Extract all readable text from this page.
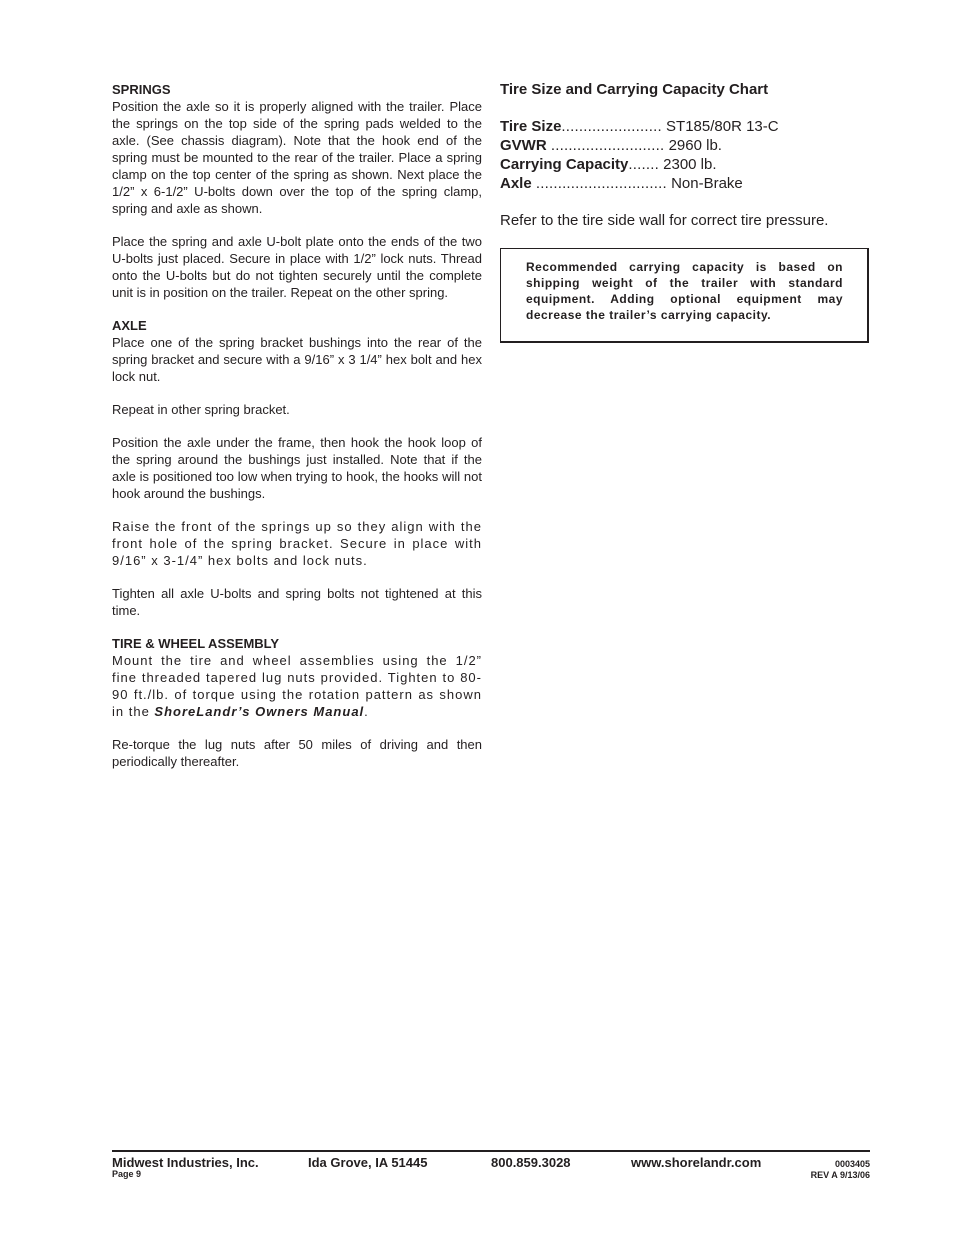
SPRINGS

Position the axle so it is properly aligned with the trailer. Place the springs on the top side of the spring pads welded to the axle. (See chassis diagram). Note that the hook end of the spring must be mounted to the rear of the trailer. Place a spring clamp on the top center of the spring as shown. Next place the 1/2” x 6-1/2” U-bolts down over the top of the spring clamp, spring and axle as shown.

Place the spring and axle U-bolt plate onto the ends of the two U-bolts just placed. Secure in place with 1/2” lock nuts. Thread onto the U-bolts but do not tighten securely until the complete unit is in position on the trailer. Repeat on the other spring.

AXLE

Place one of the spring bracket bushings into the rear of the spring bracket and secure with a 9/16” x 3 1/4” hex bolt and hex lock nut.

Repeat in other spring bracket.

Position the axle under the frame, then hook the hook loop of the spring around the bushings just installed. Note that if the axle is positioned too low when trying to hook, the hooks will not hook around the bushings.

Raise the front of the springs up so they align with the front hole of the spring bracket. Secure in place with 9/16” x 3-1/4” hex bolts and lock nuts.

Tighten all axle U-bolts and spring bolts not tightened at this time.

TIRE & WHEEL ASSEMBLY

Mount the tire and wheel assemblies using the 1/2” fine threaded tapered lug nuts provided. Tighten to 80-90 ft./lb. of torque using the rotation pattern as shown in the ShoreLandr’s Owners Manual.

Re-torque the lug nuts after 50 miles of driving and then periodically thereafter.

Tire Size and Carrying Capacity Chart
Tire Size....................... ST185/80R 13-C
GVWR .......................... 2960 lb.
Carrying Capacity....... 2300 lb.
Axle .............................. Non-Brake
Refer to the tire side wall for correct tire pressure.
Recommended carrying capacity is based on shipping weight of the trailer with standard equipment. Adding optional equipment may decrease the trailer’s carrying capacity.
Midwest Industries, Inc.	Ida Grove, IA 51445	800.859.3028	www.shorelandr.com
Page 9
0003405
REV A 9/13/06
